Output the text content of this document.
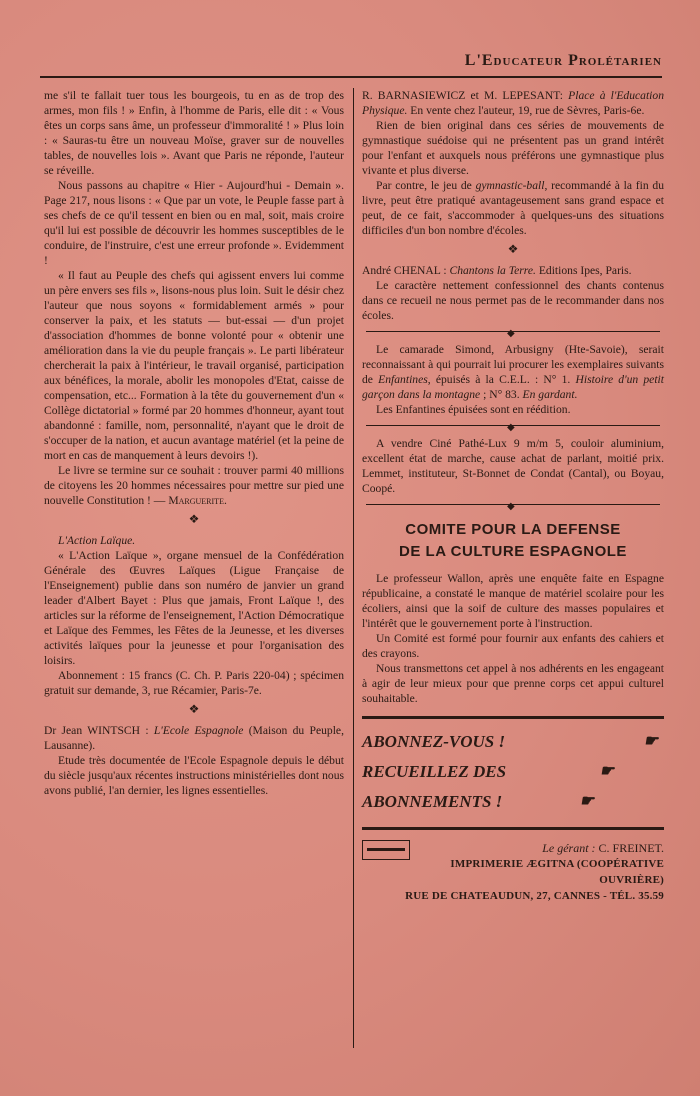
L'Educateur Prolétarien

me s'il te fallait tuer tous les bourgeois, tu en as de trop des armes, mon fils ! » Enfin, à l'homme de Paris, elle dit : « Vous êtes un corps sans âme, un professeur d'immoralité ! » Plus loin : « Sauras-tu être un nouveau Moïse, graver sur de nouvelles tables, de nouvelles lois ». Avant que Paris ne réponde, l'auteur se réveille.

Nous passons au chapitre « Hier - Aujourd'hui - Demain ». Page 217, nous lisons : « Que par un vote, le Peuple fasse part à ses chefs de ce qu'il tessent en bien ou en mal, soit, mais croire qu'il lui est possible de découvrir les hommes susceptibles de le conduire, de l'instruire, c'est une erreur profonde ». Evidemment !

« Il faut au Peuple des chefs qui agissent envers lui comme un père envers ses fils », lisons-nous plus loin. Suit le désir chez l'auteur que nous soyons « formidablement armés » pour conserver la paix, et les statuts — but-essai — d'un projet d'association d'hommes de bonne volonté pour « obtenir une amélioration dans la vie du peuple français ». Le parti libérateur chercherait la paix à l'intérieur, le travail organisé, participation aux bénéfices, la morale, abolir les monopoles d'Etat, caisse de compensation, etc... Formation à la tête du gouvernement d'un « Collège dictatorial » formé par 20 hommes d'honneur, ayant tout abandonné : famille, nom, personnalité, n'ayant que le droit de s'occuper de la nation, et aucun avantage matériel (et la peine de mort en cas de manquement à leurs devoirs !).

Le livre se termine sur ce souhait : trouver parmi 40 millions de citoyens les 20 hommes nécessaires pour mettre sur pied une nouvelle Constitution ! — Marguerite.

❖

L'Action Laïque.

« L'Action Laïque », organe mensuel de la Confédération Générale des Œuvres Laïques (Ligue Française de l'Enseignement) publie dans son numéro de janvier un grand leader d'Albert Bayet : Plus que jamais, Front Laïque !, des articles sur la réforme de l'enseignement, l'Action Démocratique et Laïque des Femmes, les Fêtes de la Jeunesse, et les diverses activités laïques pour la jeunesse et pour l'organisation des loisirs.

Abonnement : 15 francs (C. Ch. P. Paris 220-04) ; spécimen gratuit sur demande, 3, rue Récamier, Paris-7e.

❖

Dr Jean WINTSCH : L'Ecole Espagnole (Maison du Peuple, Lausanne).

Etude très documentée de l'Ecole Espagnole depuis le début du siècle jusqu'aux récentes instructions ministérielles dont nous avons publié, l'an dernier, les lignes essentielles.

R. BARNASIEWICZ et M. LEPESANT: Place à l'Education Physique. En vente chez l'auteur, 19, rue de Sèvres, Paris-6e.

Rien de bien original dans ces séries de mouvements de gymnastique suédoise qui ne présentent pas un grand intérêt pour l'enfant et auxquels nous préférons une gymnastique plus vivante et plus diverse.

Par contre, le jeu de gymnastic-ball, recommandé à la fin du livre, peut être pratiqué avantageusement sans grand espace et peut, de ce fait, s'accommoder à quelques-uns des situations difficiles d'un bon nombre d'écoles.

❖

André CHENAL : Chantons la Terre. Editions Ipes, Paris.

Le caractère nettement confessionnel des chants contenus dans ce recueil ne nous permet pas de le recommander dans nos écoles.

◆

Le camarade Simond, Arbusigny (Hte-Savoie), serait reconnaissant à qui pourrait lui procurer les exemplaires suivants de Enfantines, épuisés à la C.E.L. : N° 1. Histoire d'un petit garçon dans la montagne ; N° 83. En gardant.

Les Enfantines épuisées sont en réédition.

◆

A vendre Ciné Pathé-Lux 9 m/m 5, couloir aluminium, excellent état de marche, cause achat de parlant, moitié prix. Lemmet, instituteur, St-Bonnet de Condat (Cantal), ou Boyau, Coopé.

◆
COMITE POUR LA DEFENSE
DE LA CULTURE ESPAGNOLE

Le professeur Wallon, après une enquête faite en Espagne républicaine, a constaté le manque de matériel scolaire pour les écoliers, ainsi que la soif de culture des masses populaires et l'intérêt que le gouvernement porte à l'instruction.

Un Comité est formé pour fournir aux enfants des cahiers et des crayons.

Nous transmettons cet appel à nos adhérents en les engageant à agir de leur mieux pour que prenne corps cet appui culturel souhaitable.

ABONNEZ-VOUS !	☛
RECUEILLEZ DES	☛
ABONNEMENTS !	☛
Le gérant : C. FREINET.
IMPRIMERIE ÆGITNA (COOPÉRATIVE OUVRIÈRE)
RUE DE CHATEAUDUN, 27, CANNES - TÉL. 35.59
